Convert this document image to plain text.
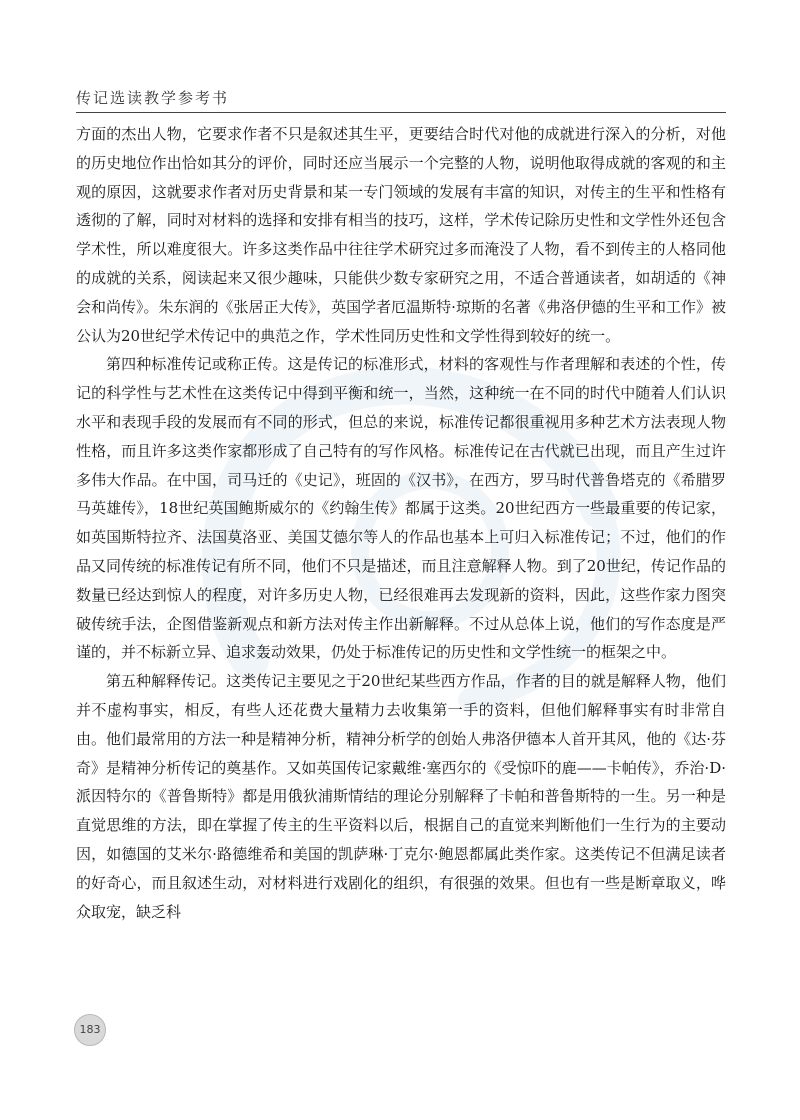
传记选读教学参考书

方面的杰出人物，它要求作者不只是叙述其生平，更要结合时代对他的成就进行深入的分析，对他的历史地位作出恰如其分的评价，同时还应当展示一个完整的人物，说明他取得成就的客观的和主观的原因，这就要求作者对历史背景和某一专门领域的发展有丰富的知识，对传主的生平和性格有透彻的了解，同时对材料的选择和安排有相当的技巧，这样，学术传记除历史性和文学性外还包含学术性，所以难度很大。许多这类作品中往往学术研究过多而淹没了人物，看不到传主的人格同他的成就的关系，阅读起来又很少趣味，只能供少数专家研究之用，不适合普通读者，如胡适的《神会和尚传》。朱东润的《张居正大传》，英国学者厄温斯特·琼斯的名著《弗洛伊德的生平和工作》被公认为20世纪学术传记中的典范之作，学术性同历史性和文学性得到较好的统一。

第四种标准传记或称正传。这是传记的标准形式，材料的客观性与作者理解和表述的个性，传记的科学性与艺术性在这类传记中得到平衡和统一，当然，这种统一在不同的时代中随着人们认识水平和表现手段的发展而有不同的形式，但总的来说，标准传记都很重视用多种艺术方法表现人物性格，而且许多这类作家都形成了自己特有的写作风格。标准传记在古代就已出现，而且产生过许多伟大作品。在中国，司马迁的《史记》，班固的《汉书》，在西方，罗马时代普鲁塔克的《希腊罗马英雄传》，18世纪英国鲍斯威尔的《约翰生传》都属于这类。20世纪西方一些最重要的传记家，如英国斯特拉齐、法国莫洛亚、美国艾德尔等人的作品也基本上可归入标准传记；不过，他们的作品又同传统的标准传记有所不同，他们不只是描述，而且注意解释人物。到了20世纪，传记作品的数量已经达到惊人的程度，对许多历史人物，已经很难再去发现新的资料，因此，这些作家力图突破传统手法，企图借鉴新观点和新方法对传主作出新解释。不过从总体上说，他们的写作态度是严谨的，并不标新立异、追求轰动效果，仍处于标准传记的历史性和文学性统一的框架之中。

第五种解释传记。这类传记主要见之于20世纪某些西方作品，作者的目的就是解释人物，他们并不虚构事实，相反，有些人还花费大量精力去收集第一手的资料，但他们解释事实有时非常自由。他们最常用的方法一种是精神分析，精神分析学的创始人弗洛伊德本人首开其风，他的《达·芬奇》是精神分析传记的奠基作。又如英国传记家戴维·塞西尔的《受惊吓的鹿——卡帕传》，乔治·D·派因特尔的《普鲁斯特》都是用俄狄浦斯情结的理论分别解释了卡帕和普鲁斯特的一生。另一种是直觉思维的方法，即在掌握了传主的生平资料以后，根据自己的直觉来判断他们一生行为的主要动因，如德国的艾米尔·路德维希和美国的凯萨琳·丁克尔·鲍恩都属此类作家。这类传记不但满足读者的好奇心，而且叙述生动，对材料进行戏剧化的组织，有很强的效果。但也有一些是断章取义，哗众取宠，缺乏科

183
